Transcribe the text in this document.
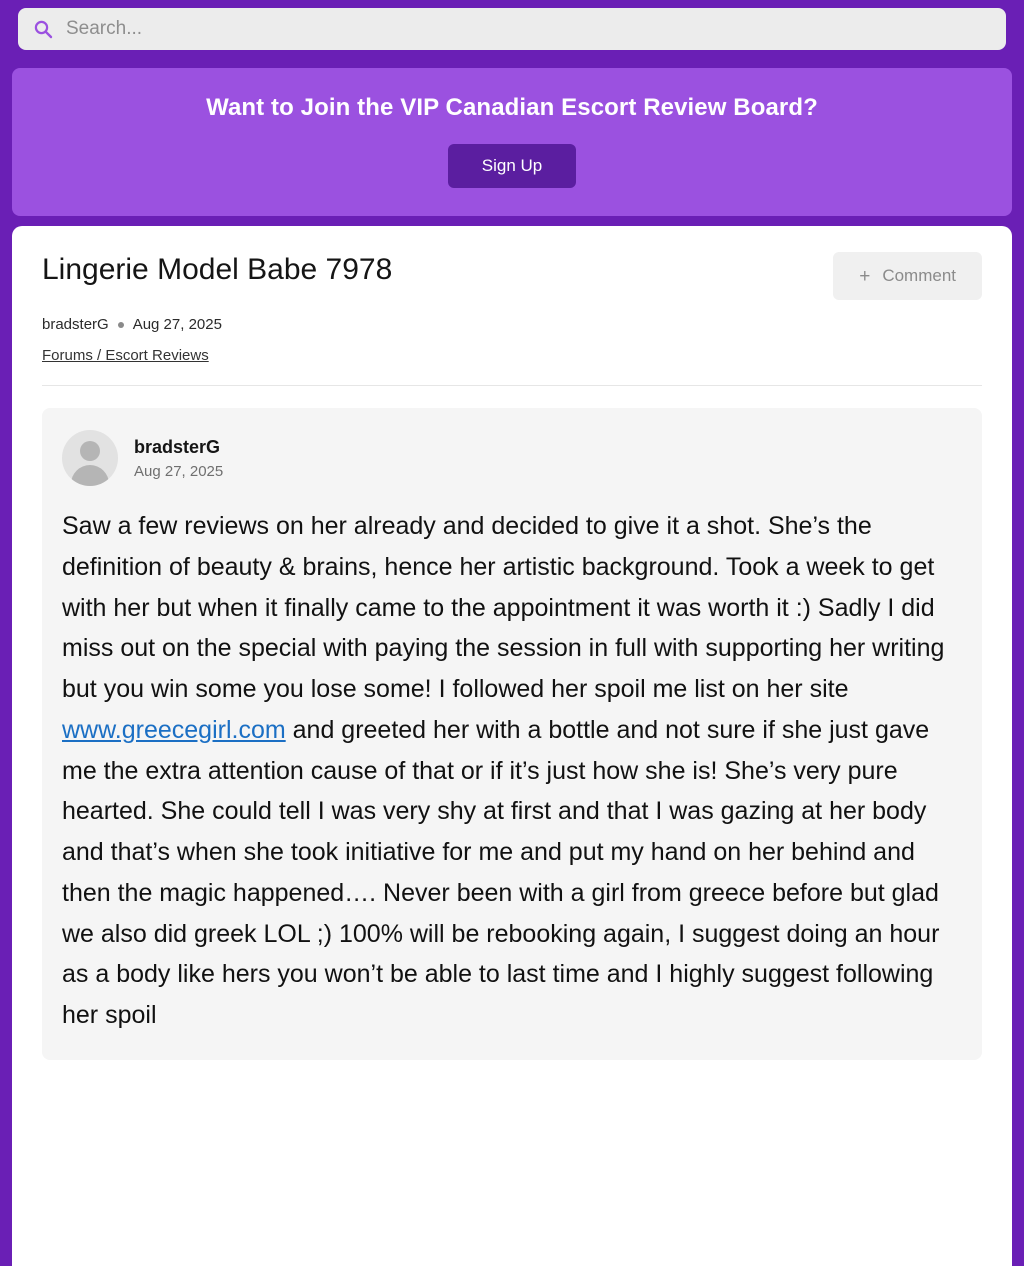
Search...
Want to Join the VIP Canadian Escort Review Board?
Sign Up
Lingerie Model Babe 7978	+ Comment
bradsterG Aug 27, 2025
Forums / Escort Reviews
bradsterG
Aug 27, 2025
Saw a few reviews on her already and decided to give it a shot. She’s the definition of beauty & brains, hence her artistic background. Took a week to get with her but when it finally came to the appointment it was worth it :) Sadly I did miss out on the special with paying the session in full with supporting her writing but you win some you lose some! I followed her spoil me list on her site www.greecegirl.com and greeted her with a bottle and not sure if she just gave me the extra attention cause of that or if it’s just how she is! She’s very pure hearted. She could tell I was very shy at first and that I was gazing at her body and that’s when she took initiative for me and put my hand on her behind and then the magic happened…. Never been with a girl from greece before but glad we also did greek LOL ;) 100% will be rebooking again, I suggest doing an hour as a body like hers you won’t be able to last time and I highly suggest following her spoil
